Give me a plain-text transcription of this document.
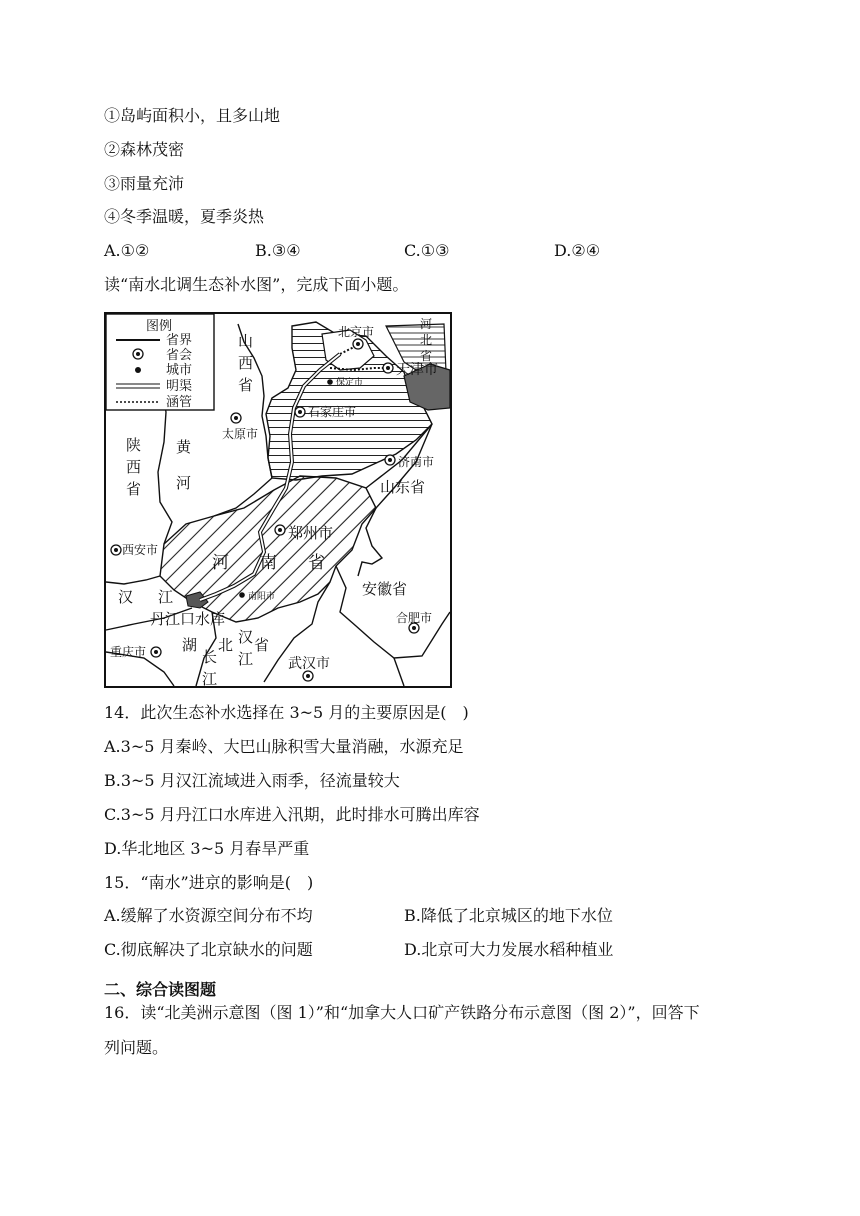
①岛屿面积小，且多山地
②森林茂密
③雨量充沛
④冬季温暖，夏季炎热
A.①②	B.③④	C.①③	D.②④
读“南水北调生态补水图”，完成下面小题。
图例
省界
省会
城市
明渠
涵管
河
北
省
山
西
省
陕
西
省
黄
河
湖 北 省
汉
江
长
江
河 南 省
汉 江
北京市
天津市
保定市
石家庄市
太原市
济南市
郑州市
西安市
南阳市
丹江口水库	合肥市
重庆市
武汉市
山东省
安徽省
14．此次生态补水选择在 3~5 月的主要原因是(　)
A.3~5 月秦岭、大巴山脉积雪大量消融，水源充足
B.3~5 月汉江流域进入雨季，径流量较大
C.3~5 月丹江口水库进入汛期，此时排水可腾出库容
D.华北地区 3~5 月春旱严重
15．“南水”进京的影响是(　)
A.缓解了水资源空间分布不均	B.降低了北京城区的地下水位
C.彻底解决了北京缺水的问题	D.北京可大力发展水稻种植业
二、综合读图题
16．读“北美洲示意图（图 1）”和“加拿大人口矿产铁路分布示意图（图 2）”，回答下
列问题。
